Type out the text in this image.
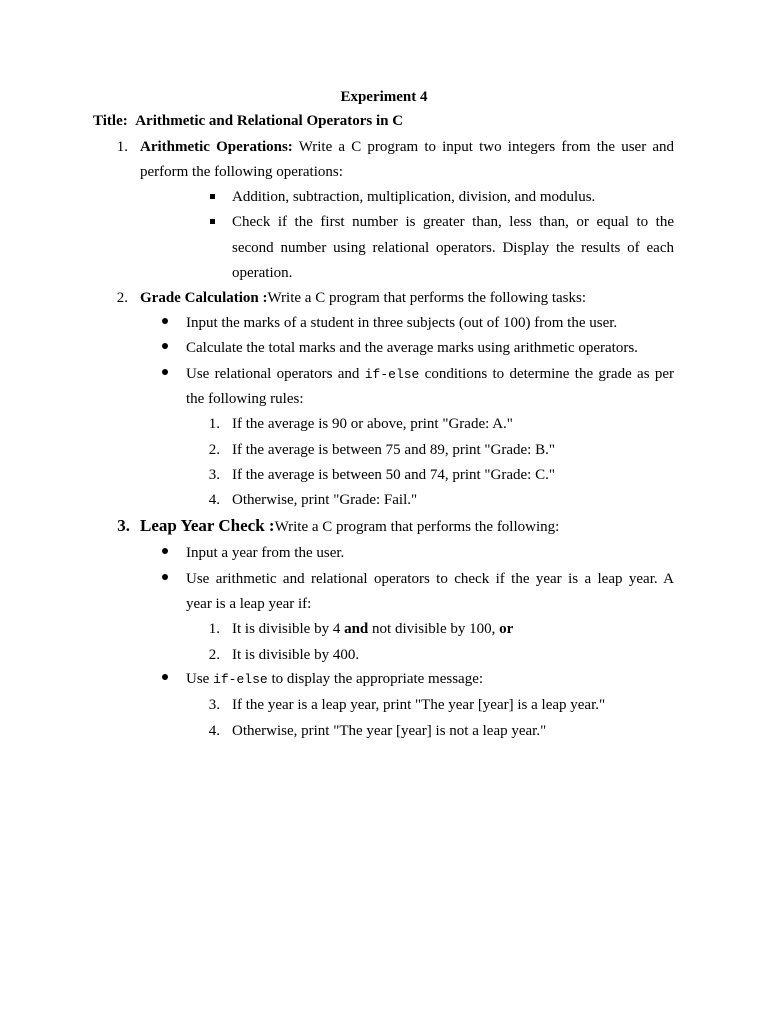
Experiment 4
Title: Arithmetic and Relational Operators in C
1. Arithmetic Operations: Write a C program to input two integers from the user and
perform the following operations:
Addition, subtraction, multiplication, division, and modulus.
Check if the first number is greater than, less than, or equal to the
second number using relational operators. Display the results of each
operation.
2. Grade Calculation :Write a C program that performs the following tasks:
Input the marks of a student in three subjects (out of 100) from the user.
Calculate the total marks and the average marks using arithmetic operators.
Use relational operators and if-else conditions to determine the grade as per
the following rules:
1. If the average is 90 or above, print "Grade: A."
2. If the average is between 75 and 89, print "Grade: B."
3. If the average is between 50 and 74, print "Grade: C."
4. Otherwise, print "Grade: Fail."
3. Leap Year Check :Write a C program that performs the following:
Input a year from the user.
Use arithmetic and relational operators to check if the year is a leap year. A
year is a leap year if:
1. It is divisible by 4 and not divisible by 100, or
2. It is divisible by 400.
Use if-else to display the appropriate message:
3. If the year is a leap year, print "The year [year] is a leap year."
4. Otherwise, print "The year [year] is not a leap year."
